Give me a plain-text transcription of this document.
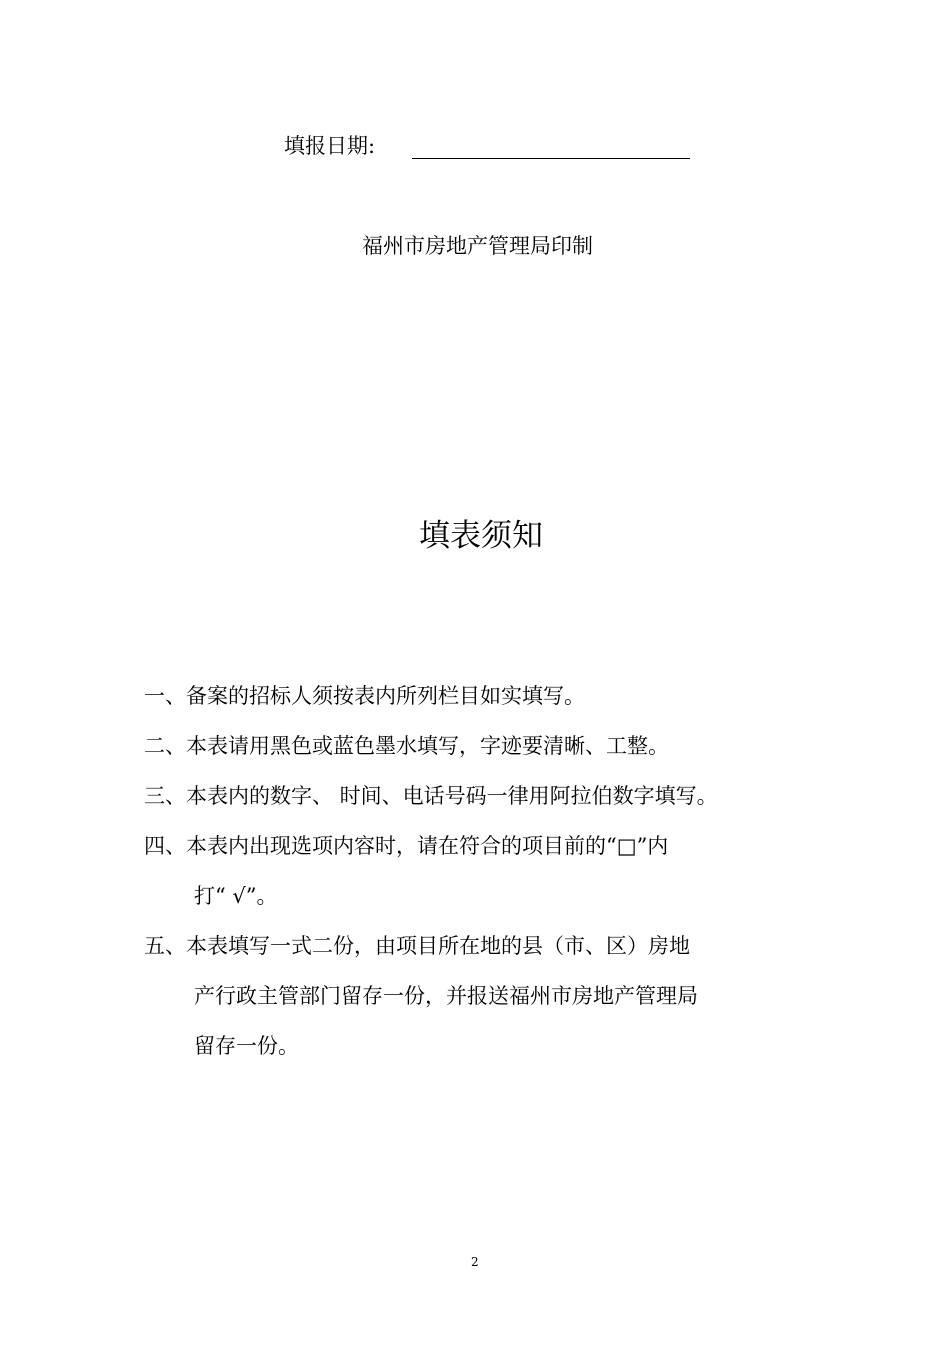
填报日期:
福州市房地产管理局印制
填表须知
一、备案的招标人须按表内所列栏目如实填写。
二、本表请用黑色或蓝色墨水填写，字迹要清晰、工整。
三、本表内的数字、 时间、电话号码一律用阿拉伯数字填写。
四、本表内出现选项内容时，请在符合的项目前的“□”内
打“ √”。
五、本表填写一式二份，由项目所在地的县（市、区）房地
产行政主管部门留存一份，并报送福州市房地产管理局
留存一份。
2
